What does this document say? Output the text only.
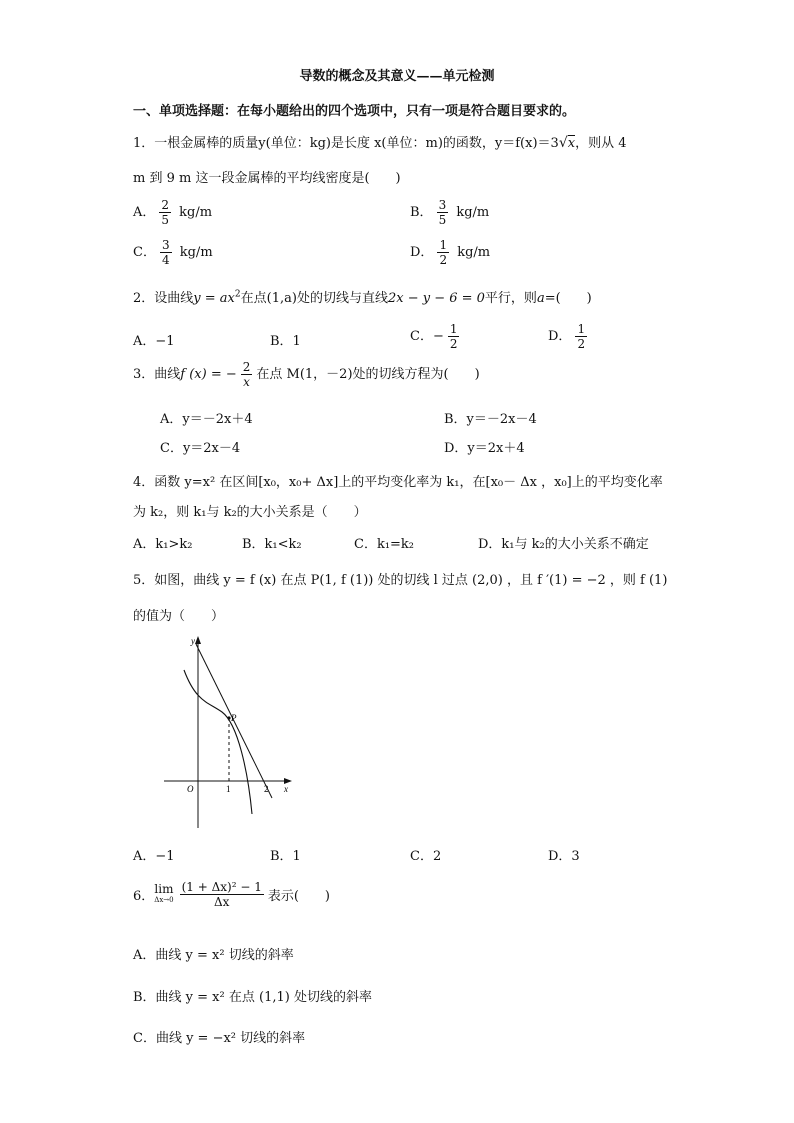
导数的概念及其意义——单元检测
一、单项选择题：在每小题给出的四个选项中，只有一项是符合题目要求的。
1．一根金属棒的质量y(单位：kg)是长度 x(单位：m)的函数，y＝f(x)＝3√x，则从 4
m 到 9 m 这一段金属棒的平均线密度是(　　)
A． $\frac{2}{5} kg/m$	B． $\frac{3}{5} kg/m$
C． $\frac{3}{4} kg/m$	D． $\frac{1}{2} kg/m$
2．设曲线$y = ax^2$在点(1,a)处的切线与直线2x − y − 6 = 0平行，则a=(　　)
A．−1	B．1	C．− $\frac{1}{2}$	D． $\frac{1}{2}$
3．曲线f (x) = − $\frac{2}{x}$ 在点 M(1，－2)处的切线方程为(　　)
A．y＝－2x＋4	B．y＝－2x－4
C．y＝2x－4	D．y＝2x＋4
4．函数 y=x² 在区间[x₀，x₀+ Δx]上的平均变化率为 k₁，在[x₀－ Δx ，x₀]上的平均变化率
为 k₂，则 k₁与 k₂的大小关系是（　　）
A．k₁>k₂	B．k₁<k₂	C．k₁=k₂	D．k₁与 k₂的大小关系不确定
5．如图，曲线 y = f (x) 在点 P(1, f (1)) 处的切线 l 过点 (2,0) ，且 f ′(1) = −2 ，则 f (1)
的值为（　　）
y
x
O	1	2
P
A．−1	B．1	C．2	D．3
6．
lim
$\Delta x\to 0 \frac{\text{(1 + Δx)² − 1}}{\Delta x}$ 表示(　　)
A．曲线 y = x² 切线的斜率
B．曲线 y = x² 在点 (1,1) 处切线的斜率
C．曲线 y = −x² 切线的斜率
